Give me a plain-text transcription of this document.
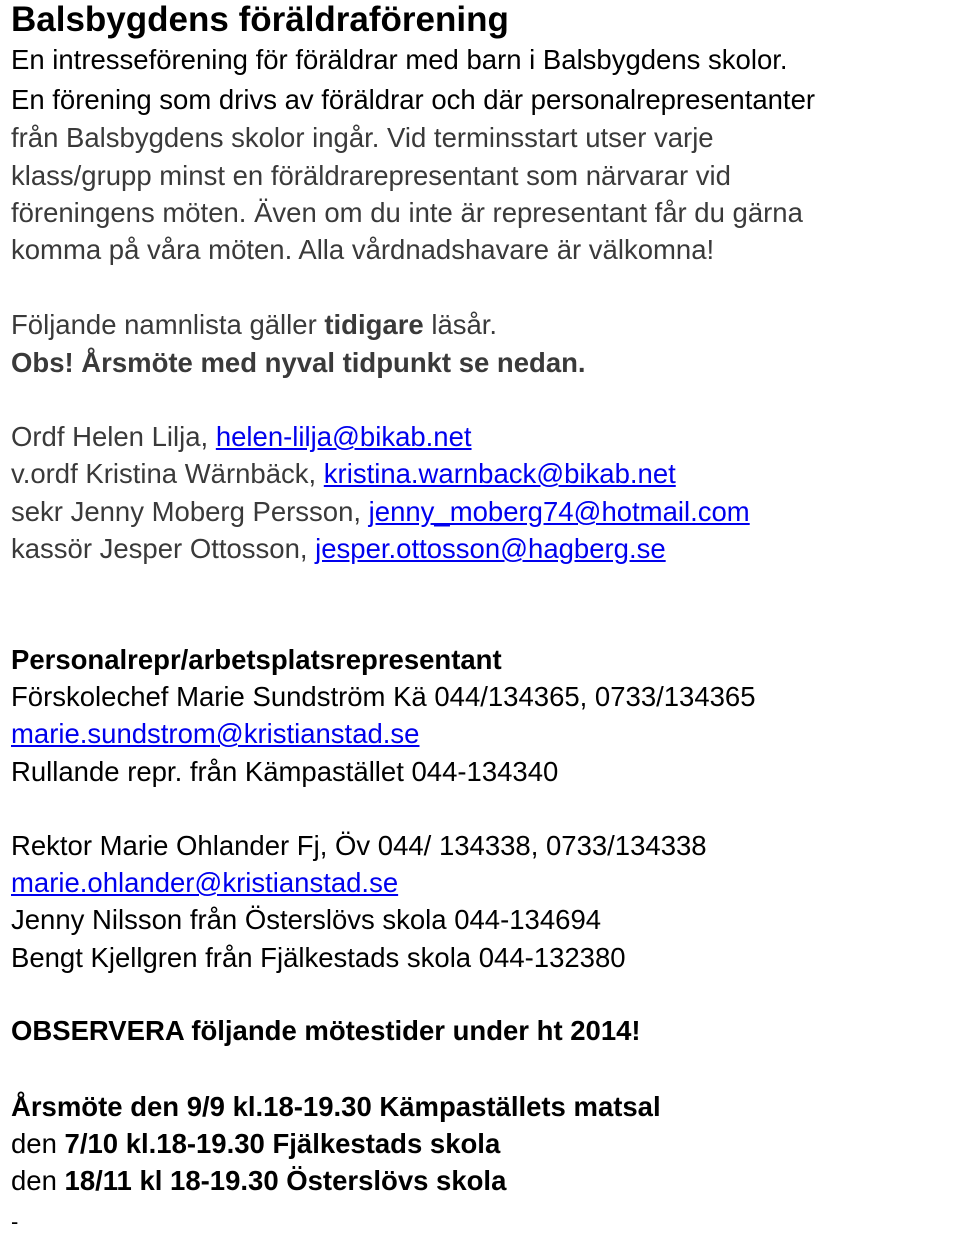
Balsbygdens föräldraförening
En intresseförening för föräldrar med barn i Balsbygdens skolor.
En förening som drivs av föräldrar och där personalrepresentanter
från Balsbygdens skolor ingår. Vid terminsstart utser varje
klass/grupp minst en föräldrarepresentant som närvarar vid
föreningens möten. Även om du inte är representant får du gärna
komma på våra möten. Alla vårdnadshavare är välkomna!
Följande namnlista gäller tidigare läsår.
Obs! Årsmöte med nyval tidpunkt se nedan.
Ordf Helen Lilja, helen-lilja@bikab.net
v.ordf Kristina Wärnbäck, kristina.warnback@bikab.net
sekr Jenny Moberg Persson, jenny_moberg74@hotmail.com
kassör Jesper Ottosson, jesper.ottosson@hagberg.se
Personalrepr/arbetsplatsrepresentant
Förskolechef Marie Sundström Kä 044/134365, 0733/134365
marie.sundstrom@kristianstad.se
Rullande repr. från Kämpastället 044-134340
Rektor Marie Ohlander Fj, Öv 044/ 134338, 0733/134338
marie.ohlander@kristianstad.se
Jenny Nilsson från Österslövs skola 044-134694
Bengt Kjellgren från Fjälkestads skola 044-132380
OBSERVERA följande mötestider under ht 2014!
Årsmöte den 9/9 kl.18-19.30 Kämpaställets matsal
den 7/10 kl.18-19.30 Fjälkestads skola
den 18/11 kl 18-19.30 Österslövs skola
-
